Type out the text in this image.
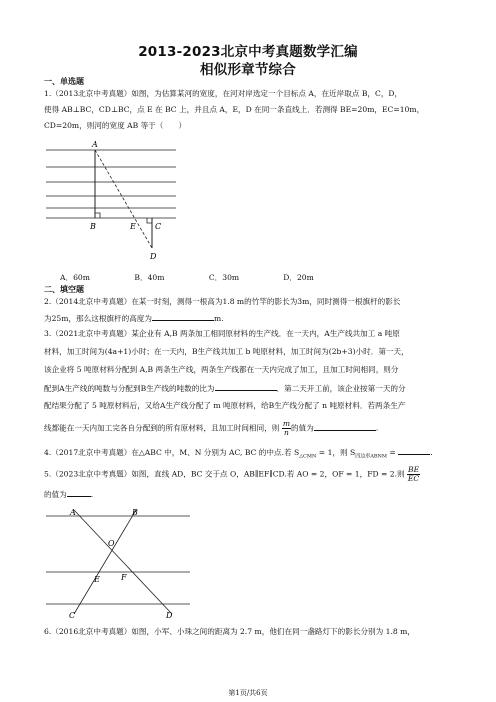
2013-2023北京中考真题数学汇编
相似形章节综合
一、单选题
1.（2013北京中考真题）如图，为估算某河的宽度，在河对岸选定一个目标点 A，在近岸取点 B，C，D，
使得 AB⊥BC，CD⊥BC，点 E 在 BC 上，并且点 A，E，D 在同一条直线上．若测得 BE=20m，EC=10m，
CD=20m，则河的宽度 AB 等于（　　）
A
B	E C
D
A．60m	B．40m	C．30m	D．20m
二、填空题
2.（2014北京中考真题）在某一时刻，测得一根高为1.8 m的竹竿的影长为3m，同时测得一根旗杆的影长
为25m，那么这根旗杆的高度为	m.
3.（2021北京中考真题）某企业有 A,B 两条加工相同原材料的生产线．在一天内，A生产线共加工 a 吨原
材料，加工时间为(4a+1)小时；在一天内，B生产线共加工 b 吨原材料，加工时间为(2b+3)小时．第一天，
该企业将 5 吨原材料分配到 A,B 两条生产线，两条生产线都在一天内完成了加工，且加工时间相同，则分
配到A生产线的吨数与分配到B生产线的吨数的比为	．第二天开工前，该企业按第一天的分
配结果分配了 5 吨原材料后，又给A生产线分配了 m 吨原材料，给B生产线分配了 n 吨原材料．若两条生产
线都能在一天内加工完各自分配到的所有原材料，且加工时间相同，则 $\frac{m}{n}$ 的值为	.
4.（2017北京中考真题）在△ABC 中，M、N 分别为 AC, BC 的中点.若 $S_{\triangle CMN} = 1$，则 $S_{四边形ABNM}$ =	.
5.（2023北京中考真题）如图，直线 AD，BC 交于点 O，AB∥EF∥CD.若 AO = 2，OF = 1，FD = 2.则 $\frac{BE}{EC}$
的值为	.
A	B
O
E	F
C	D
6.（2016北京中考真题）如图，小军、小珠之间的距离为 2.7 m，他们在同一盏路灯下的影长分别为 1.8 m，
第1页/共6页
